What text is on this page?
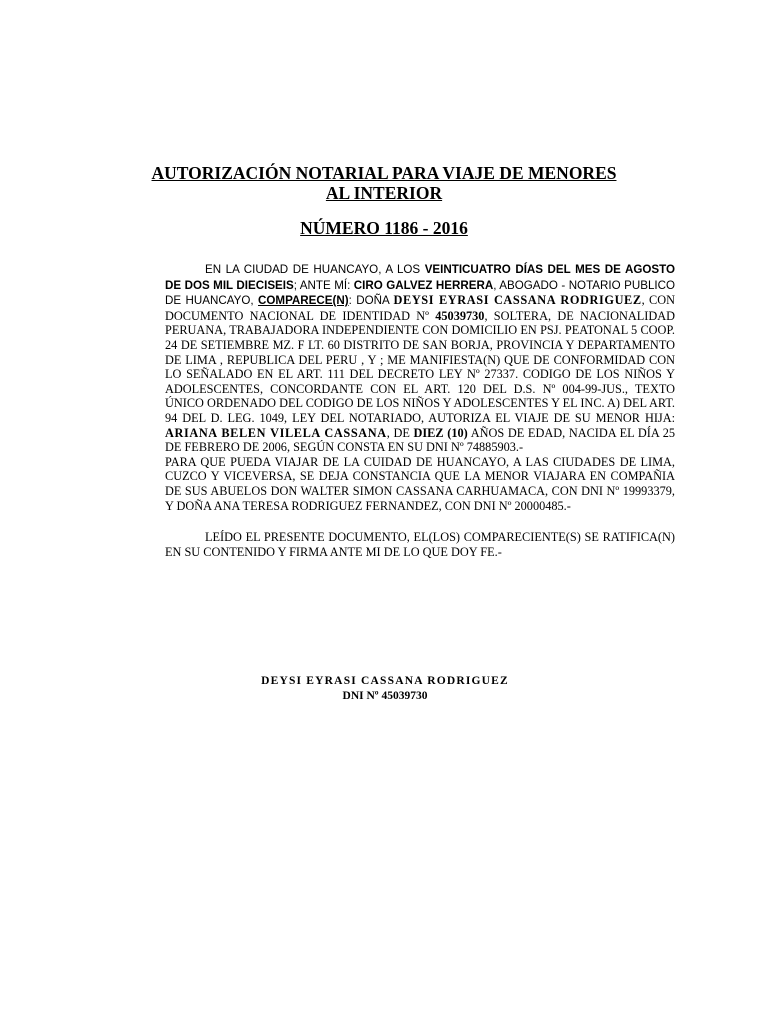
AUTORIZACIÓN NOTARIAL PARA VIAJE DE MENORES
AL INTERIOR
NÚMERO 1186 - 2016

EN LA CIUDAD DE HUANCAYO, A LOS VEINTICUATRO DÍAS DEL MES DE AGOSTO DE DOS MIL DIECISEIS; ANTE MÍ: CIRO GALVEZ HERRERA, ABOGADO - NOTARIO PUBLICO DE HUANCAYO, COMPARECE(N): DOÑA DEYSI EYRASI CASSANA RODRIGUEZ, CON DOCUMENTO NACIONAL DE IDENTIDAD Nº 45039730, SOLTERA, DE NACIONALIDAD PERUANA, TRABAJADORA INDEPENDIENTE CON DOMICILIO EN PSJ. PEATONAL 5 COOP. 24 DE SETIEMBRE MZ. F LT. 60 DISTRITO DE SAN BORJA, PROVINCIA Y DEPARTAMENTO DE LIMA , REPUBLICA DEL PERU , Y ; ME MANIFIESTA(N) QUE DE CONFORMIDAD CON LO SEÑALADO EN EL ART. 111 DEL DECRETO LEY Nº 27337. CODIGO DE LOS NIÑOS Y ADOLESCENTES, CONCORDANTE CON EL ART. 120 DEL D.S. Nº 004-99-JUS., TEXTO ÚNICO ORDENADO DEL CODIGO DE LOS NIÑOS Y ADOLESCENTES Y EL INC. A) DEL ART. 94 DEL D. LEG. 1049, LEY DEL NOTARIADO, AUTORIZA EL VIAJE DE SU MENOR HIJA: ARIANA BELEN VILELA CASSANA, DE DIEZ (10) AÑOS DE EDAD, NACIDA EL DÍA 25 DE FEBRERO DE 2006, SEGÚN CONSTA EN SU DNI Nº 74885903.-

PARA QUE PUEDA VIAJAR DE LA CUIDAD DE HUANCAYO, A LAS CIUDADES DE LIMA, CUZCO Y VICEVERSA, SE DEJA CONSTANCIA QUE LA MENOR VIAJARA EN COMPAÑIA DE SUS ABUELOS DON WALTER SIMON CASSANA CARHUAMACA, CON DNI Nº 19993379, Y DOÑA ANA TERESA RODRIGUEZ FERNANDEZ, CON DNI Nº 20000485.-

LEÍDO EL PRESENTE DOCUMENTO, EL(LOS) COMPARECIENTE(S) SE RATIFICA(N) EN SU CONTENIDO Y FIRMA ANTE MI DE LO QUE DOY FE.-

DEYSI EYRASI CASSANA RODRIGUEZ
DNI Nº 45039730
